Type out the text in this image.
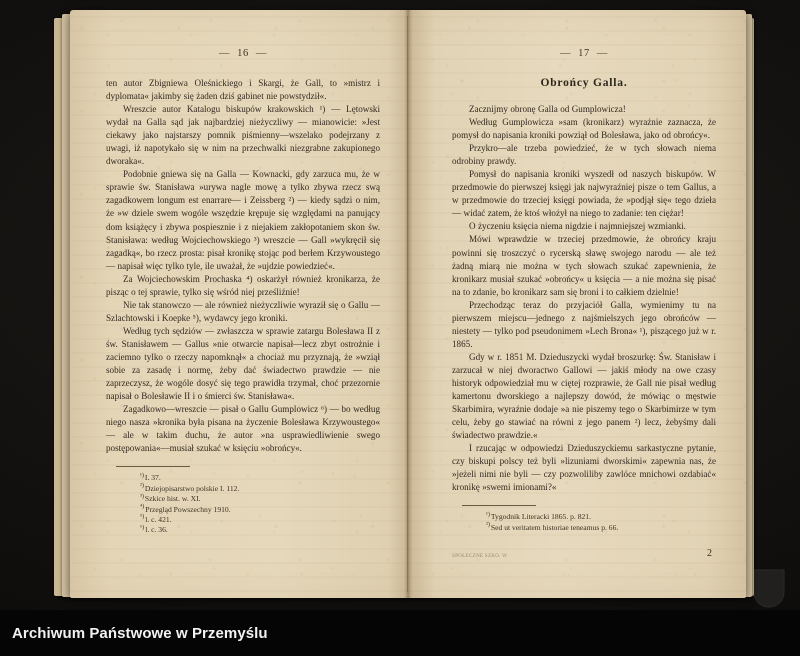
— 16 —

ten autor Zbigniewa Oleśnickiego i Skargi, że Gall, to »mistrz i dyplomata« jakimby się żaden dziś gabinet nie powstydził«.

Wreszcie autor Katalogu biskupów krakowskich ¹) — Lętowski wydał na Galla sąd jak najbardziej nieżyczliwy — mianowicie: »Jest ciekawy jako najstarszy pomnik piśmienny—wszelako podejrzany z uwagi, iż napotykało się w nim na przechwalki niezgrabne zakupionego dworaka«.

Podobnie gniewa się na Galla — Kownacki, gdy zarzuca mu, że w sprawie św. Stanisława »urywa nagle mowę a tylko zbywa rzecz swą zagadkowem longum est enarrare— i Zeissberg ²) — kiedy sądzi o nim, że »w dziele swem wogóle wszędzie krępuje się względami na panujący dom książęcy i zbywa pospiesznie i z niejakiem zakłopotaniem skon św. Stanisława: według Wojciechowskiego ³) wreszcie — Gall »wykręcił się zagadką«, bo rzecz prosta: pisał kronikę stojąc pod berłem Krzywoustego — napisał więc tylko tyle, ile uważał, że »ujdzie powiedzieć«.

Za Wojciechowskim Prochaska ⁴) oskarżył również kronikarza, że pisząc o tej sprawie, tylko się wśród niej prześliźnie!

Nie tak stanowczo — ale również nieżyczliwie wyraził się o Gallu — Szlachtowski i Koepke ⁵), wydawcy jego kroniki.

Według tych sędziów — zwłaszcza w sprawie zatargu Bolesława II z św. Stanisławem — Gallus »nie otwarcie napisał—lecz zbyt ostrożnie i zaciemno tylko o rzeczy napomknął« a chociaż mu przyznają, że »wziął sobie za zasadę i normę, żeby dać świadectwo prawdzie — nie zaprzeczysz, że wogóle dosyć się tego prawidła trzymał, choć przezornie napisał o Bolesławie II i o śmierci św. Stanisława«.

Zagadkowo—wreszcie — pisał o Gallu Gumplowicz ⁶) — bo według niego nasza »kronika była pisana na życzenie Bolesława Krzywoustego« — ale w takim duchu, że autor »na usprawiedliwienie swego postępowania«—musiał szukać w księciu »obrońcy«.

$^{^1)}$I. 37.
$^{^2)}$Dziejopisarstwo polskie I. 112.
$^{^3)}$Szkice hist. w. XI.
$^{^4)}$Przegląd Powszechny 1910.
$^{^5)}$l. c. 421.
$^{^6)}$l. c. 36.
— 17 —
Obrońcy Galla.

Zacznijmy obronę Galla od Gumplowicza!

Według Gumplowicza »sam (kronikarz) wyraźnie zaznacza, że pomysł do napisania kroniki powziął od Bolesława, jako od obrońcy«.

Przykro—ale trzeba powiedzieć, że w tych słowach niema odrobiny prawdy.

Pomysł do napisania kroniki wyszedł od naszych biskupów. W przedmowie do pierwszej księgi jak najwyraźniej pisze o tem Gallus, a w przedmowie do trzeciej księgi powiada, że »podjął się« tego dzieła — widać zatem, że ktoś włożył na niego to zadanie: ten ciężar!

O życzeniu księcia niema nigdzie i najmniejszej wzmianki.

Mówi wprawdzie w trzeciej przedmowie, że obrońcy kraju powinni się troszczyć o rycerską sławę swojego narodu — ale też żadną miarą nie można w tych słowach szukać zapewnienia, że kronikarz musiał szukać »obrońcy« u księcia — a nie można się pisać na to zdanie, bo kronikarz sam się broni i to całkiem dzielnie!

Przechodząc teraz do przyjaciół Galla, wymienimy tu na pierwszem miejscu—jednego z najśmielszych jego obrońców — niestety — tylko pod pseudonimem »Lech Brona« ¹), piszącego już w r. 1865.

Gdy w r. 1851 M. Dzieduszycki wydał broszurkę: Św. Stanisław i zarzucał w niej dworactwo Gallowi — jakiś młody na owe czasy historyk odpowiedział mu w ciętej rozprawie, że Gall nie pisał według kamertonu dworskiego a najlepszy dowód, że mówiąc o męstwie Skarbimira, wyraźnie dodaje »a nie piszemy tego o Skarbimirze w tym celu, żeby go stawiać na równi z jego panem ²) lecz, żebyśmy dali świadectwo prawdzie.«

I rzucając w odpowiedzi Dzieduszyckiemu sarkastyczne pytanie, czy biskupi polscy też byli »lizuniami dworskimi« zapewnia nas, że »jeżeli nimi nie byli — czy pozwoliliby zawlóce mnichowi ozdabiać« kronikę »swemi imionami?«

$^{^1)}$Tygodnik Literacki 1865. p. 821.
$^{^2)}$Sed ut veritatem historiae teneamus p. 66.
SPOŁECZNE SZKO. W	2
Archiwum Państwowe w Przemyślu
